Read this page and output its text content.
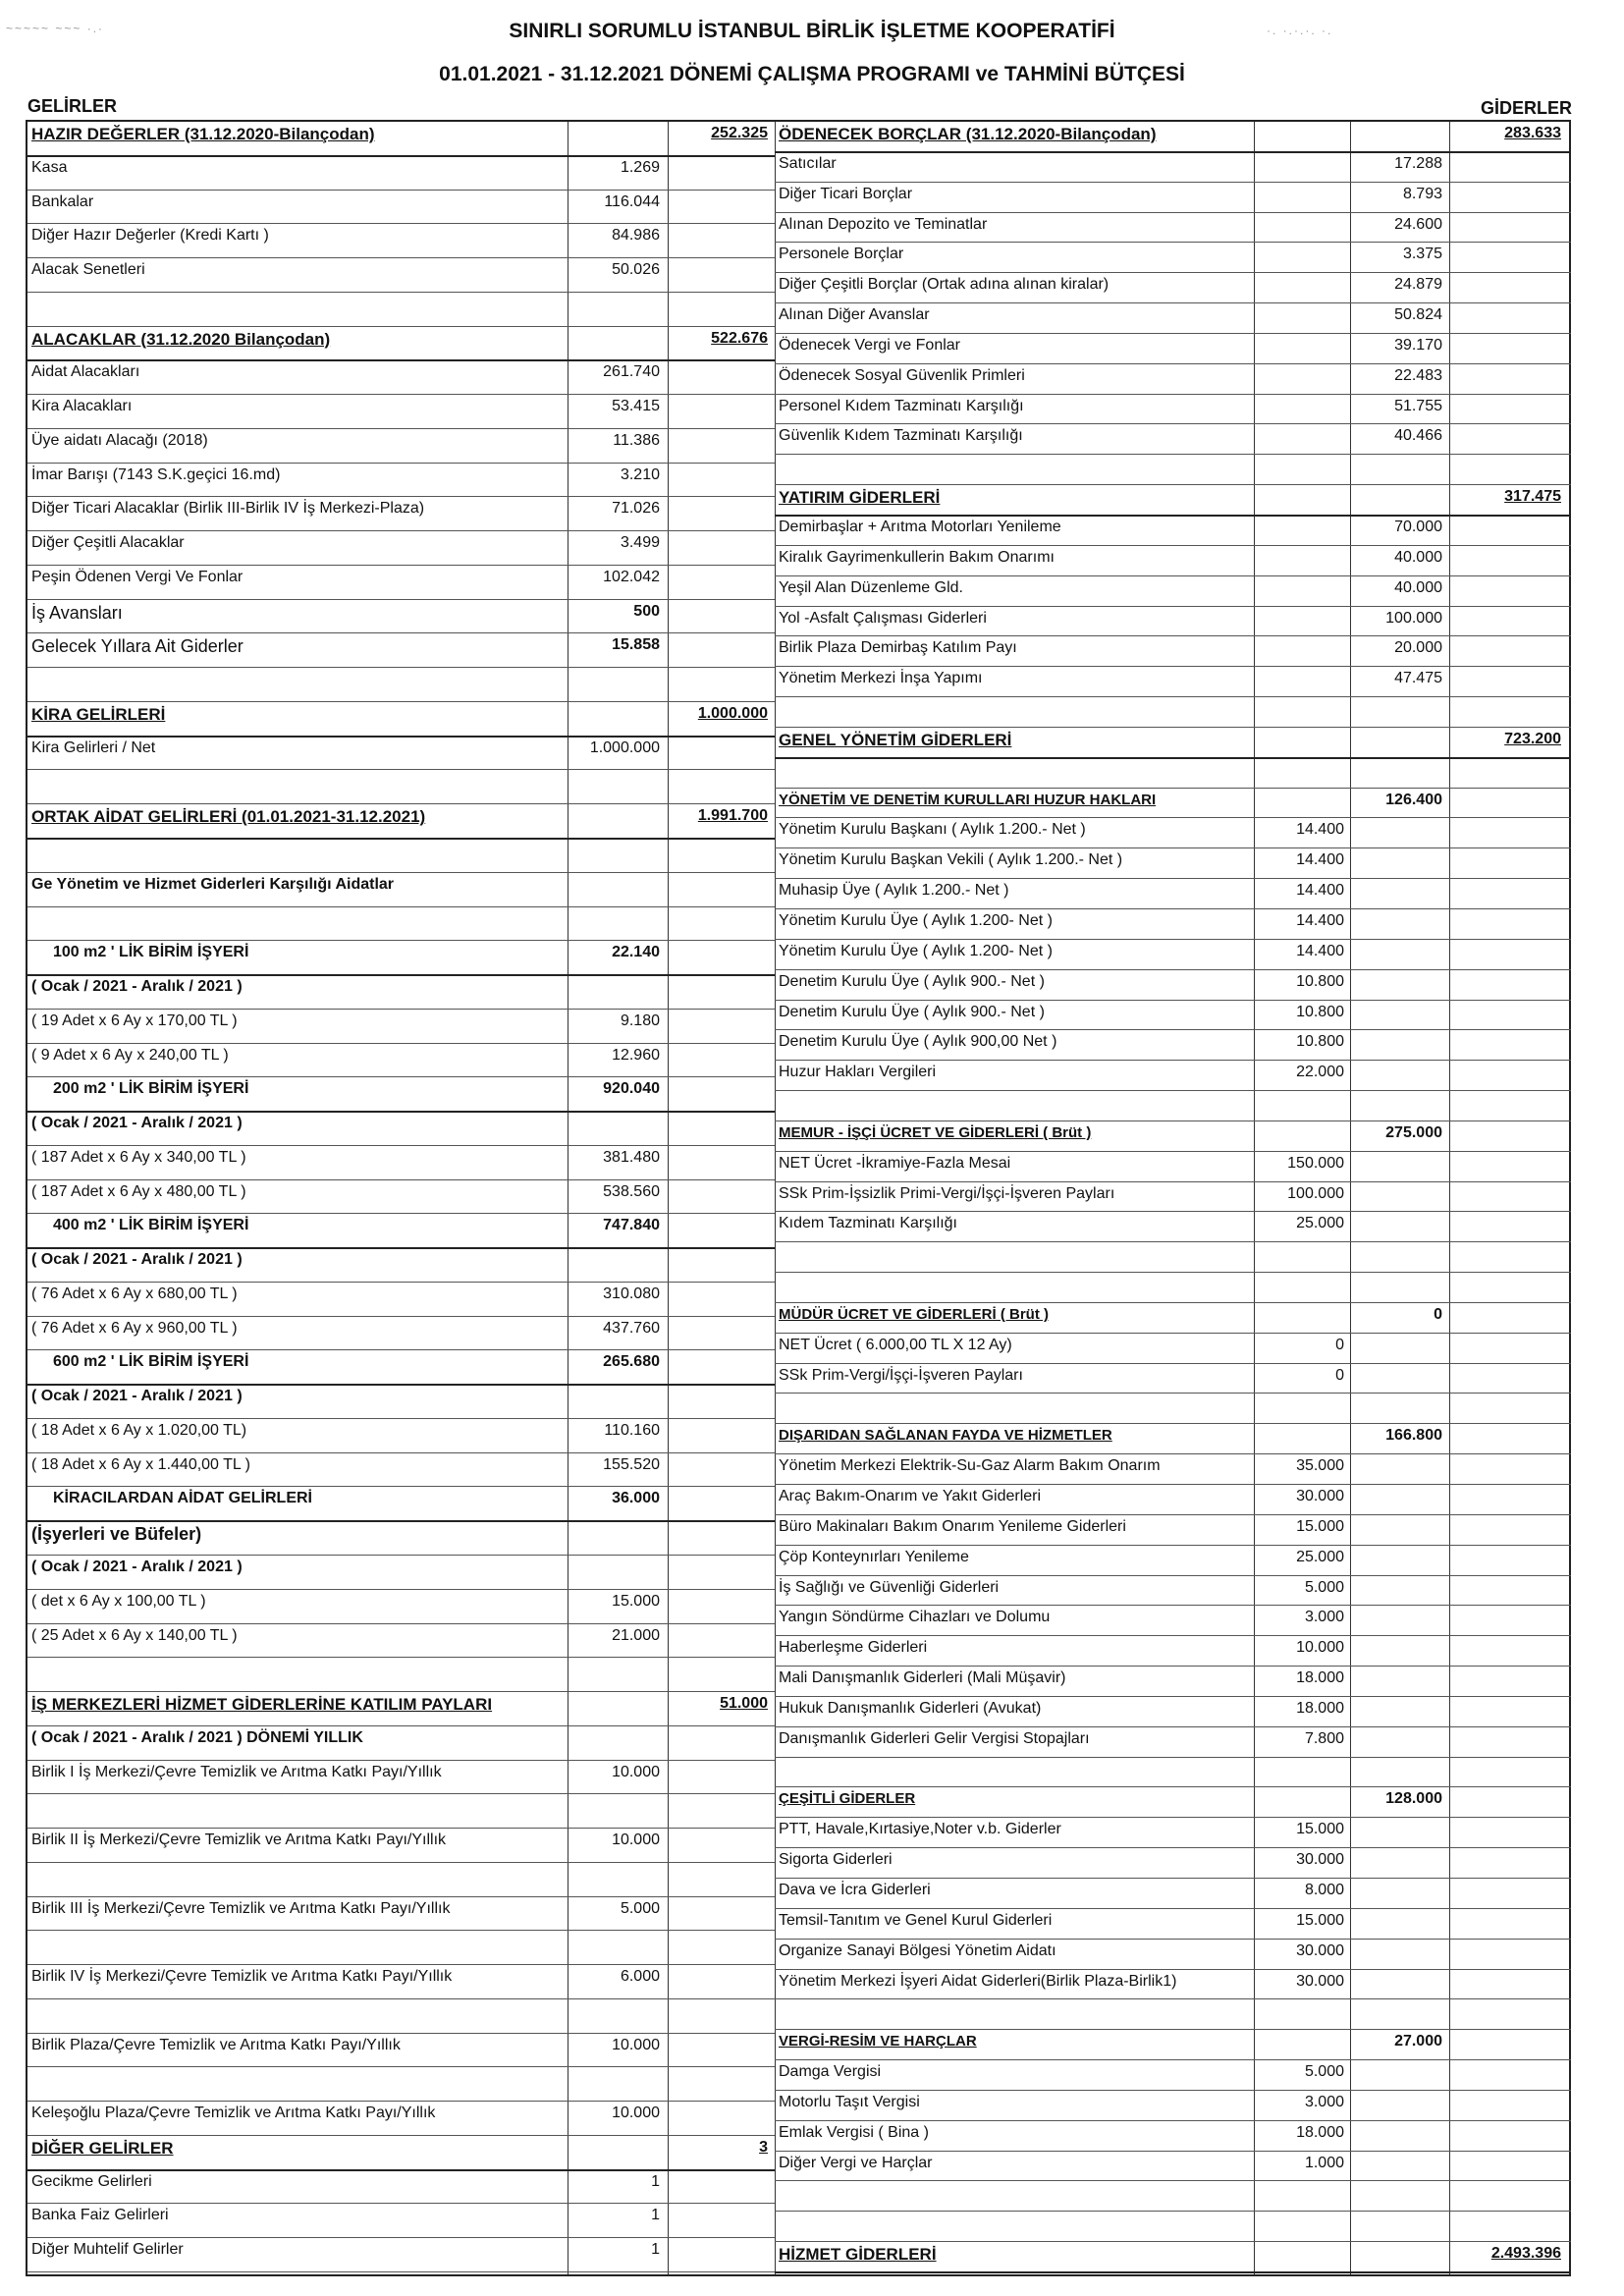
SINIRLI SORUMLU İSTANBUL BİRLİK İŞLETME KOOPERATİFİ
01.01.2021 - 31.12.2021 DÖNEMİ ÇALIŞMA PROGRAMI ve TAHMİNİ BÜTÇESİ
GELİRLER	GİDERLER
~~~~~ ~~~ ·.·	·. ·.·.·. ·.
HAZIR DEĞERLER (31.12.2020-Bilançodan)	252.325
Kasa	1.269
Bankalar	116.044
Diğer Hazır Değerler (Kredi Kartı )	84.986
Alacak Senetleri	50.026
ALACAKLAR (31.12.2020 Bilançodan)	522.676
Aidat Alacakları	261.740
Kira Alacakları	53.415
Üye aidatı Alacağı (2018)	11.386
İmar Barışı (7143 S.K.geçici 16.md)	3.210
Diğer Ticari Alacaklar (Birlik III-Birlik IV İş Merkezi-Plaza)	71.026
Diğer Çeşitli Alacaklar	3.499
Peşin Ödenen Vergi Ve Fonlar	102.042
İş Avansları	500
Gelecek Yıllara Ait Giderler	15.858
KİRA GELİRLERİ	1.000.000
Kira Gelirleri / Net	1.000.000
ORTAK AİDAT GELİRLERİ (01.01.2021-31.12.2021)	1.991.700
Ge Yönetim ve Hizmet Giderleri Karşılığı Aidatlar
100 m2 ' LİK BİRİM İŞYERİ	22.140
( Ocak / 2021 - Aralık / 2021 )
( 19 Adet x 6 Ay x 170,00 TL )	9.180
( 9 Adet x 6 Ay x 240,00 TL )	12.960
200 m2 ' LİK BİRİM İŞYERİ	920.040
( Ocak / 2021 - Aralık / 2021 )
( 187 Adet x 6 Ay x 340,00 TL )	381.480
( 187 Adet x 6 Ay x 480,00 TL )	538.560
400 m2 ' LİK BİRİM İŞYERİ	747.840
( Ocak / 2021 - Aralık / 2021 )
( 76 Adet x 6 Ay x 680,00 TL )	310.080
( 76 Adet x 6 Ay x 960,00 TL )	437.760
600 m2 ' LİK BİRİM İŞYERİ	265.680
( Ocak / 2021 - Aralık / 2021 )
( 18 Adet x 6 Ay x 1.020,00 TL)	110.160
( 18 Adet x 6 Ay x 1.440,00 TL )	155.520
KİRACILARDAN AİDAT GELİRLERİ	36.000
(İşyerleri ve Büfeler)
( Ocak / 2021 - Aralık / 2021 )
( det x 6 Ay x 100,00 TL )	15.000
( 25 Adet x 6 Ay x 140,00 TL )	21.000
İŞ MERKEZLERİ HİZMET GİDERLERİNE KATILIM PAYLARI	51.000
( Ocak / 2021 - Aralık / 2021 ) DÖNEMİ YILLIK
Birlik I İş Merkezi/Çevre Temizlik ve Arıtma Katkı Payı/Yıllık	10.000
Birlik II İş Merkezi/Çevre Temizlik ve Arıtma Katkı Payı/Yıllık	10.000
Birlik III İş Merkezi/Çevre Temizlik ve Arıtma Katkı Payı/Yıllık	5.000
Birlik IV İş Merkezi/Çevre Temizlik ve Arıtma Katkı Payı/Yıllık	6.000
Birlik Plaza/Çevre Temizlik ve Arıtma Katkı Payı/Yıllık	10.000
Keleşoğlu Plaza/Çevre Temizlik ve Arıtma Katkı Payı/Yıllık	10.000
DİĞER GELİRLER	3
Gecikme Gelirleri	1
Banka Faiz Gelirleri	1
Diğer Muhtelif Gelirler	1
ÖDENECEK BORÇLAR (31.12.2020-Bilançodan)	283.633
Satıcılar	17.288
Diğer Ticari Borçlar	8.793
Alınan Depozito ve Teminatlar	24.600
Personele Borçlar	3.375
Diğer Çeşitli Borçlar (Ortak adına alınan kiralar)	24.879
Alınan Diğer Avanslar	50.824
Ödenecek Vergi ve Fonlar	39.170
Ödenecek Sosyal Güvenlik Primleri	22.483
Personel Kıdem Tazminatı Karşılığı	51.755
Güvenlik Kıdem Tazminatı Karşılığı	40.466
YATIRIM GİDERLERİ	317.475
Demirbaşlar + Arıtma Motorları Yenileme	70.000
Kiralık Gayrimenkullerin Bakım Onarımı	40.000
Yeşil Alan Düzenleme Gld.	40.000
Yol -Asfalt Çalışması Giderleri	100.000
Birlik Plaza Demirbaş Katılım Payı	20.000
Yönetim Merkezi İnşa Yapımı	47.475
GENEL YÖNETİM GİDERLERİ	723.200
YÖNETİM VE DENETİM KURULLARI HUZUR HAKLARI	126.400
Yönetim Kurulu Başkanı ( Aylık 1.200.- Net )	14.400
Yönetim Kurulu Başkan Vekili ( Aylık 1.200.- Net )	14.400
Muhasip Üye ( Aylık 1.200.- Net )	14.400
Yönetim Kurulu Üye ( Aylık 1.200- Net )	14.400
Yönetim Kurulu Üye ( Aylık 1.200- Net )	14.400
Denetim Kurulu Üye ( Aylık 900.- Net )	10.800
Denetim Kurulu Üye ( Aylık 900.- Net )	10.800
Denetim Kurulu Üye ( Aylık 900,00 Net )	10.800
Huzur Hakları Vergileri	22.000
MEMUR - İŞÇİ ÜCRET VE GİDERLERİ ( Brüt )	275.000
NET Ücret -İkramiye-Fazla Mesai	150.000
SSk Prim-İşsizlik Primi-Vergi/İşçi-İşveren Payları	100.000
Kıdem Tazminatı Karşılığı	25.000
MÜDÜR ÜCRET VE GİDERLERİ ( Brüt )	0
NET Ücret ( 6.000,00 TL X 12 Ay)	0
SSk Prim-Vergi/İşçi-İşveren Payları	0
DIŞARIDAN SAĞLANAN FAYDA VE HİZMETLER	166.800
Yönetim Merkezi Elektrik-Su-Gaz Alarm Bakım Onarım	35.000
Araç Bakım-Onarım ve Yakıt Giderleri	30.000
Büro Makinaları Bakım Onarım Yenileme Giderleri	15.000
Çöp Konteynırları Yenileme	25.000
İş Sağlığı ve Güvenliği Giderleri	5.000
Yangın Söndürme Cihazları ve Dolumu	3.000
Haberleşme Giderleri	10.000
Mali Danışmanlık Giderleri (Mali Müşavir)	18.000
Hukuk Danışmanlık Giderleri (Avukat)	18.000
Danışmanlık Giderleri Gelir Vergisi Stopajları	7.800
ÇEŞİTLİ GİDERLER	128.000
PTT, Havale,Kırtasiye,Noter v.b. Giderler	15.000
Sigorta Giderleri	30.000
Dava ve İcra Giderleri	8.000
Temsil-Tanıtım ve Genel Kurul Giderleri	15.000
Organize Sanayi Bölgesi Yönetim Aidatı	30.000
Yönetim Merkezi İşyeri Aidat Giderleri(Birlik Plaza-Birlik1)	30.000
VERGİ-RESİM VE HARÇLAR	27.000
Damga Vergisi	5.000
Motorlu Taşıt Vergisi	3.000
Emlak Vergisi ( Bina )	18.000
Diğer Vergi ve Harçlar	1.000
HİZMET GİDERLERİ	2.493.396
